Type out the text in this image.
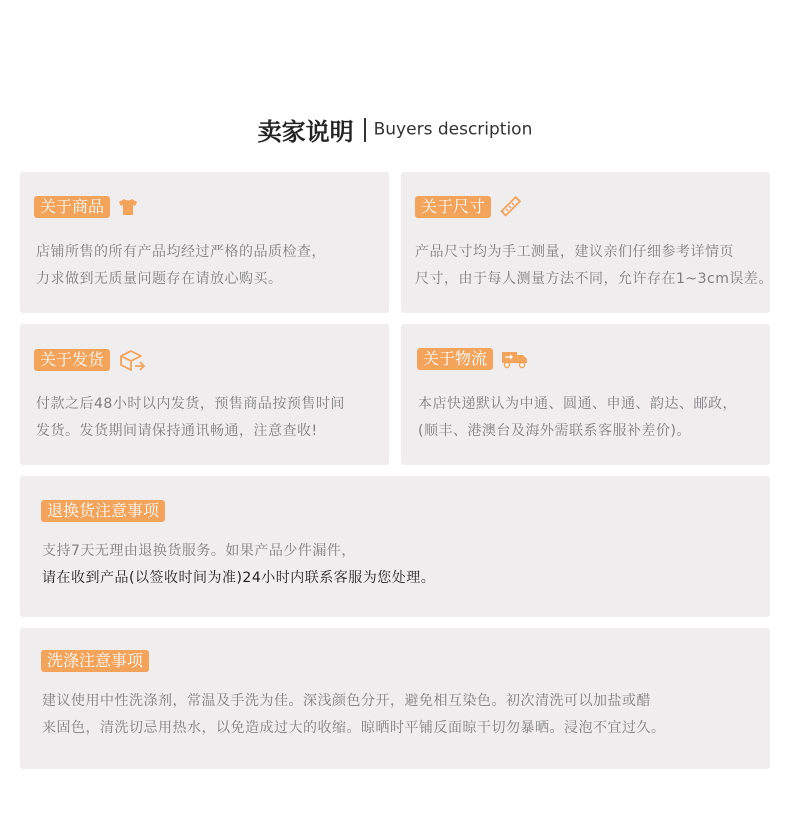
卖家说明 Buyers description
关于商品
店铺所售的所有产品均经过严格的品质检查，
力求做到无质量问题存在请放心购买。
关于尺寸
产品尺寸均为手工测量，建议亲们仔细参考详情页
尺寸，由于每人测量方法不同，允许存在1~3cm误差。
关于发货
付款之后48小时以内发货，预售商品按预售时间
发货。发货期间请保持通讯畅通，注意查收!
关于物流
本店快递默认为中通、圆通、申通、韵达、邮政，
(顺丰、港澳台及海外需联系客服补差价)。
退换货注意事项
支持7天无理由退换货服务。如果产品少件漏件，
请在收到产品(以签收时间为准)24小时内联系客服为您处理。
洗涤注意事项
建议使用中性洗涤剂，常温及手洗为佳。深浅颜色分开，避免相互染色。初次清洗可以加盐或醋
来固色，清洗切忌用热水，以免造成过大的收缩。晾晒时平铺反面晾干切勿暴晒。浸泡不宜过久。
